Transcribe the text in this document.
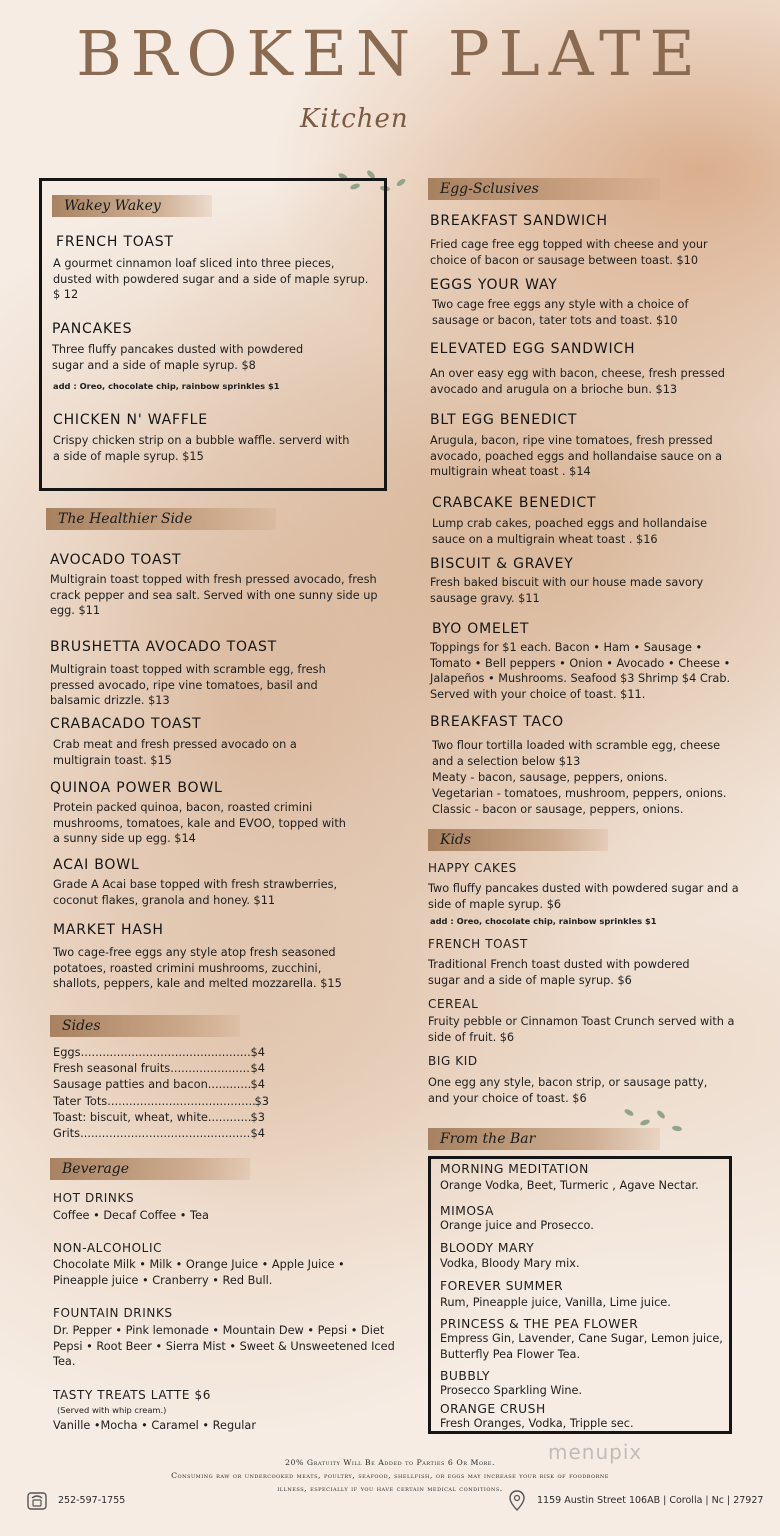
BROKEN PLATE
Kitchen
Wakey Wakey
FRENCH TOAST
A gourmet cinnamon loaf sliced into three pieces, dusted with powdered sugar and a side of maple syrup. $ 12
PANCAKES
Three fluffy pancakes dusted with powdered sugar and a side of maple syrup. $8
add : Oreo, chocolate chip, rainbow sprinkles $1
CHICKEN N' WAFFLE
Crispy chicken strip on a bubble waffle. serverd with a side of maple syrup. $15
The Healthier Side
AVOCADO TOAST
Multigrain toast topped with fresh pressed avocado, fresh crack pepper and sea salt. Served with one sunny side up egg. $11
BRUSHETTA AVOCADO TOAST
Multigrain toast topped with scramble egg, fresh pressed avocado, ripe vine tomatoes, basil and balsamic drizzle. $13
CRABACADO TOAST
Crab meat and fresh pressed avocado on a multigrain toast. $15
QUINOA POWER BOWL
Protein packed quinoa, bacon, roasted crimini mushrooms, tomatoes, kale and EVOO, topped with a sunny side up egg. $14
ACAI BOWL
Grade A Acai base topped with fresh strawberries, coconut flakes, granola and honey. $11
MARKET HASH
Two cage-free eggs any style atop fresh seasoned potatoes, roasted crimini mushrooms, zucchini, shallots, peppers, kale and melted mozzarella. $15
Sides
Eggs .....	$4
Fresh seasonal fruits .....	$4
Sausage patties and bacon .....	$4
Tater Tots .....	$3
Toast: biscuit, wheat, white .....	$3
Grits .....	$4
Beverage
HOT DRINKS
Coffee • Decaf Coffee • Tea
NON-ALCOHOLIC
Chocolate Milk • Milk • Orange Juice • Apple Juice • Pineapple juice • Cranberry • Red Bull.
FOUNTAIN DRINKS
Dr. Pepper • Pink lemonade • Mountain Dew • Pepsi • Diet Pepsi • Root Beer • Sierra Mist • Sweet & Unsweetened Iced Tea.
TASTY TREATS LATTE $6
(Served with whip cream.)
Vanille •Mocha • Caramel • Regular
Egg-Sclusives
BREAKFAST SANDWICH
Fried cage free egg topped with cheese and your choice of bacon or sausage between toast. $10
EGGS YOUR WAY
Two cage free eggs any style with a choice of sausage or bacon, tater tots and toast. $10
ELEVATED EGG SANDWICH
An over easy egg with bacon, cheese, fresh pressed avocado and arugula on a brioche bun. $13
BLT EGG BENEDICT
Arugula, bacon, ripe vine tomatoes, fresh pressed avocado, poached eggs and hollandaise sauce on a multigrain wheat toast . $14
CRABCAKE BENEDICT
Lump crab cakes, poached eggs and hollandaise sauce on a multigrain wheat toast . $16
BISCUIT & GRAVEY
Fresh baked biscuit with our house made savory sausage gravy. $11
BYO OMELET
Toppings for $1 each. Bacon • Ham • Sausage • Tomato • Bell peppers • Onion • Avocado • Cheese • Jalapeños • Mushrooms. Seafood $3 Shrimp $4 Crab. Served with your choice of toast. $11.
BREAKFAST TACO
Two flour tortilla loaded with scramble egg, cheese and a selection below $13
Meaty - bacon, sausage, peppers, onions.
Vegetarian - tomatoes, mushroom, peppers, onions.
Classic - bacon or sausage, peppers, onions.
Kids
HAPPY CAKES
Two fluffy pancakes dusted with powdered sugar and a side of maple syrup. $6
add : Oreo, chocolate chip, rainbow sprinkles $1
FRENCH TOAST
Traditional French toast dusted with powdered sugar and a side of maple syrup. $6
CEREAL
Fruity pebble or Cinnamon Toast Crunch served with a side of fruit. $6
BIG KID
One egg any style, bacon strip, or sausage patty, and your choice of toast. $6
From the Bar
MORNING MEDITATION
Orange Vodka, Beet, Turmeric , Agave Nectar.
MIMOSA
Orange juice and Prosecco.
BLOODY MARY
Vodka, Bloody Mary mix.
FOREVER SUMMER
Rum, Pineapple juice, Vanilla, Lime juice.
PRINCESS & THE PEA FLOWER
Empress Gin, Lavender, Cane Sugar, Lemon juice, Butterfly Pea Flower Tea.
BUBBLY
Prosecco Sparkling Wine.
ORANGE CRUSH
Fresh Oranges, Vodka, Tripple sec.
menupix
20% Gratuity Will Be Added to Parties 6 Or More.
Consuming raw or undercooked meats, poultry, seafood, shellfish, or eggs may increase your risk of foodborne
illness, especially if you have certain medical conditions.
252-597-1755	1159 Austin Street 106AB | Corolla | Nc | 27927
